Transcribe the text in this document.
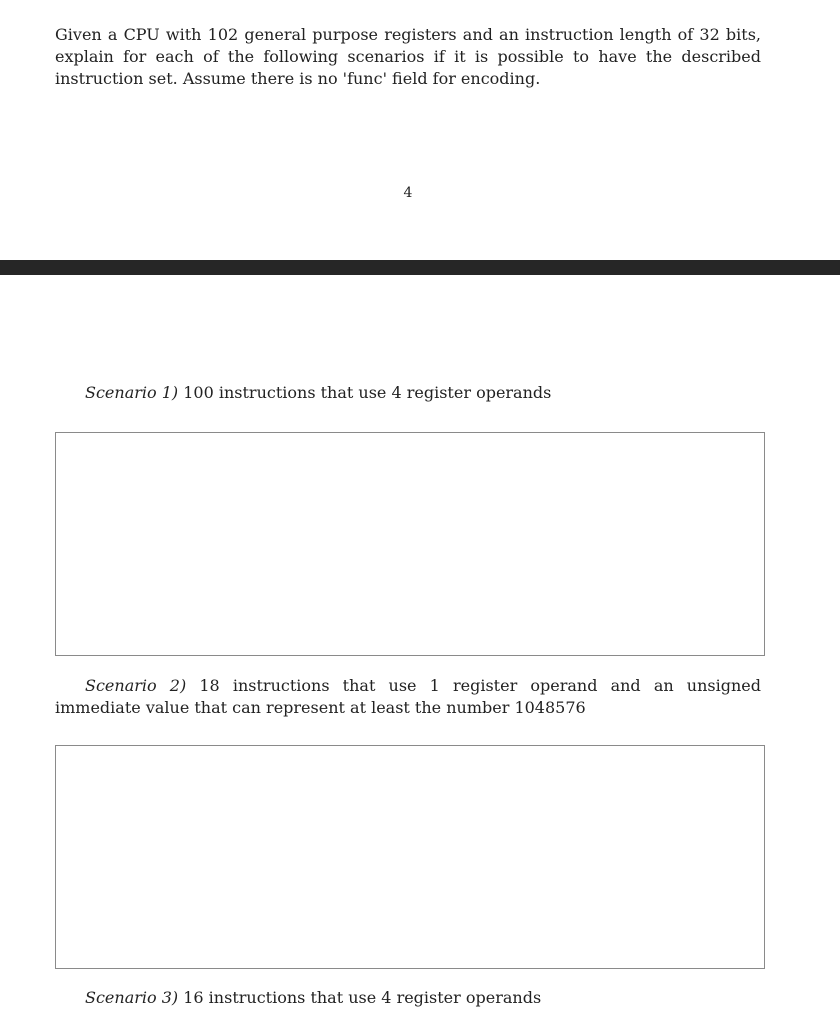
Given a CPU with 102 general purpose registers and an instruction length of 32 bits, explain for each of the following scenarios if it is possible to have the described instruction set. Assume there is no 'func' field for encoding.

4

Scenario 1) 100 instructions that use 4 register operands

Scenario 2) 18 instructions that use 1 register operand and an unsigned immediate value that can represent at least the number 1048576

Scenario 3) 16 instructions that use 4 register operands
